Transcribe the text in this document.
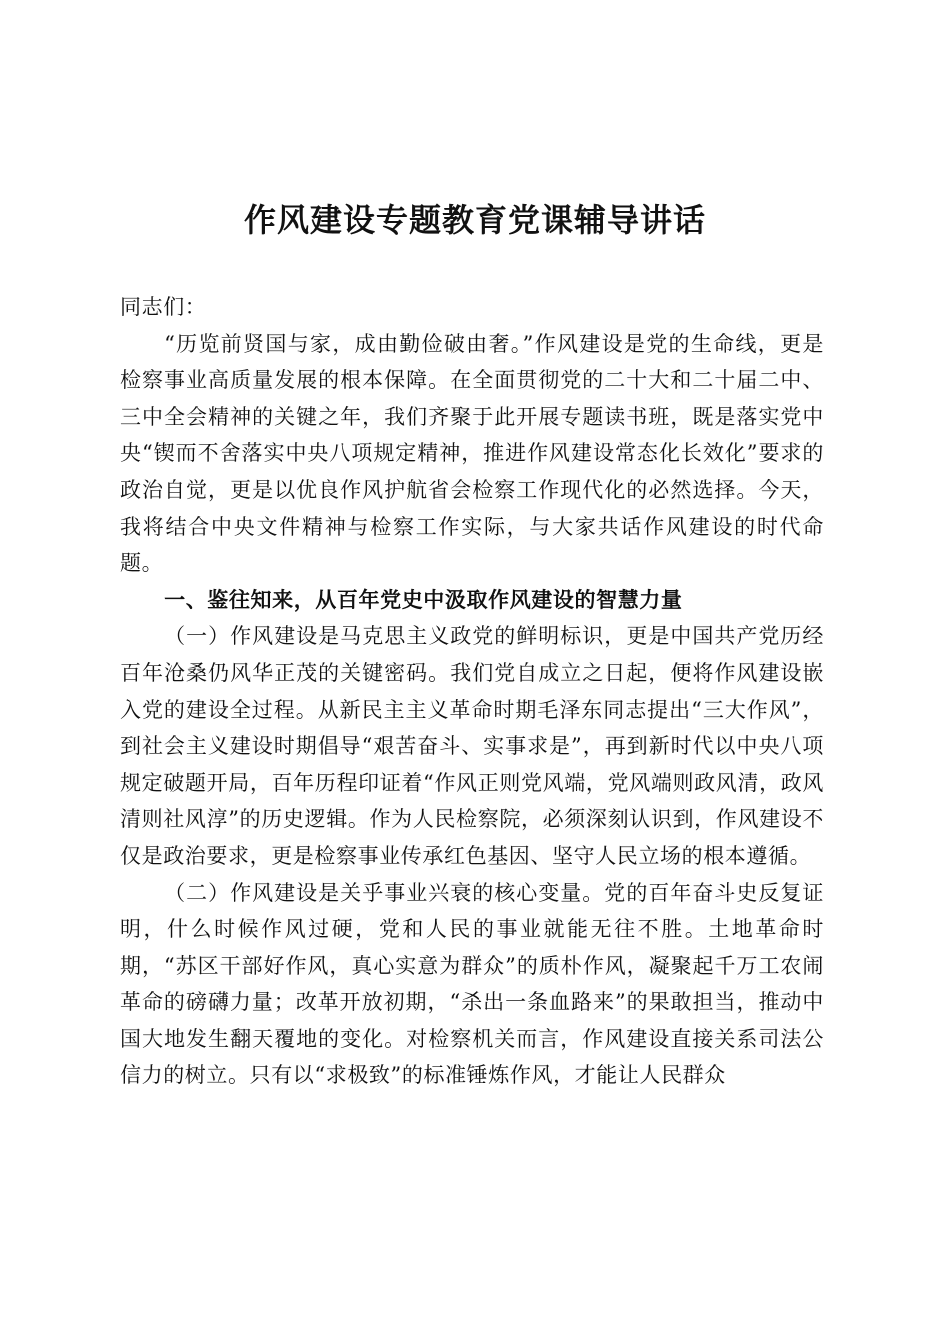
作风建设专题教育党课辅导讲话

同志们：

“历览前贤国与家，成由勤俭破由奢。”作风建设是党的生命线，更是检察事业高质量发展的根本保障。在全面贯彻党的二十大和二十届二中、三中全会精神的关键之年，我们齐聚于此开展专题读书班，既是落实党中央“锲而不舍落实中央八项规定精神，推进作风建设常态化长效化”要求的政治自觉，更是以优良作风护航省会检察工作现代化的必然选择。今天，我将结合中央文件精神与检察工作实际，与大家共话作风建设的时代命题。

一、鉴往知来，从百年党史中汲取作风建设的智慧力量

（一）作风建设是马克思主义政党的鲜明标识，更是中国共产党历经百年沧桑仍风华正茂的关键密码。我们党自成立之日起，便将作风建设嵌入党的建设全过程。从新民主主义革命时期毛泽东同志提出“三大作风”，到社会主义建设时期倡导“艰苦奋斗、实事求是”，再到新时代以中央八项规定破题开局，百年历程印证着“作风正则党风端，党风端则政风清，政风清则社风淳”的历史逻辑。作为人民检察院，必须深刻认识到，作风建设不仅是政治要求，更是检察事业传承红色基因、坚守人民立场的根本遵循。

（二）作风建设是关乎事业兴衰的核心变量。党的百年奋斗史反复证明，什么时候作风过硬，党和人民的事业就能无往不胜。土地革命时期，“苏区干部好作风，真心实意为群众”的质朴作风，凝聚起千万工农闹革命的磅礴力量；改革开放初期，“杀出一条血路来”的果敢担当，推动中国大地发生翻天覆地的变化。对检察机关而言，作风建设直接关系司法公信力的树立。只有以“求极致”的标准锤炼作风，才能让人民群众
